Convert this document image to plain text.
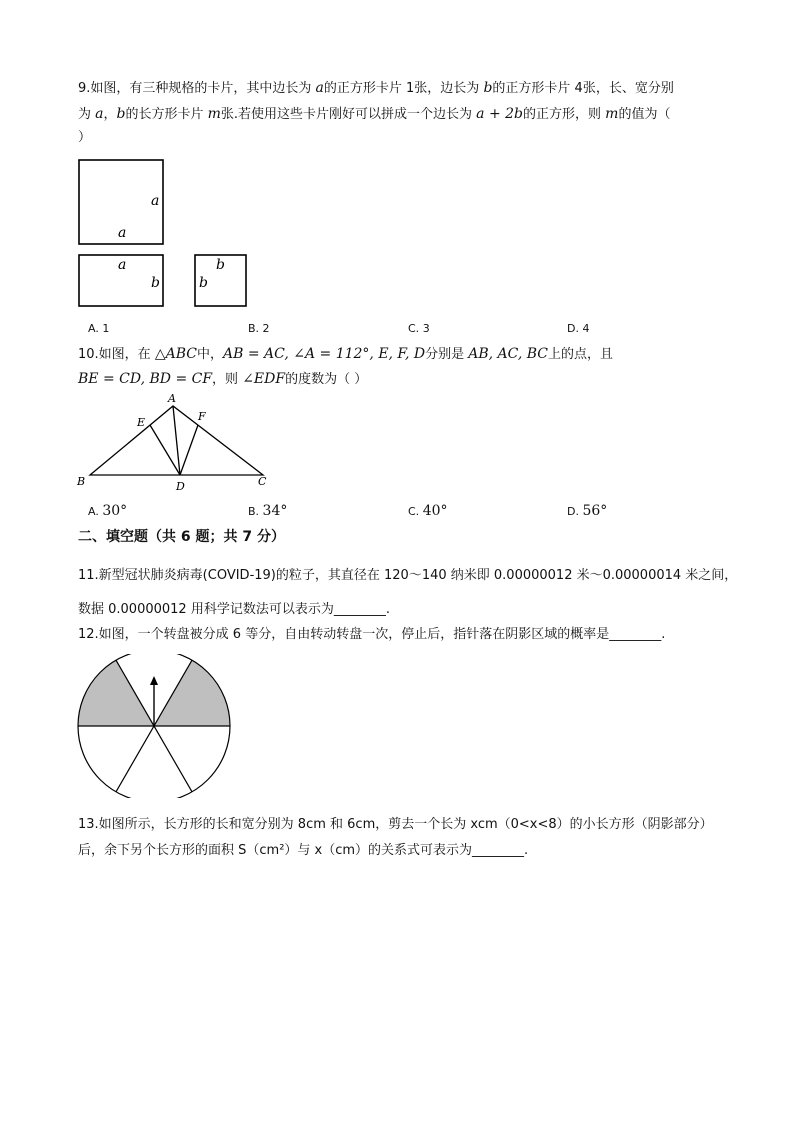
9.如图，有三种规格的卡片，其中边长为 a的正方形卡片 1张，边长为 b的正方形卡片 4张，长、宽分别
为 a，b的长方形卡片 m张.若使用这些卡片刚好可以拼成一个边长为 a + 2b的正方形，则 m的值为（
）
a
a
a
b
b
b
A. 1	B. 2	C. 3	D. 4
10.如图，在 △ABC中，AB = AC, ∠A = 112°, E, F, D分别是 AB, AC, BC上的点，且
BE = CD, BD = CF，则 ∠EDF的度数为（ ）
A
B	C
D
E	F
A. 30°	B. 34°	C. 40°	D. 56°
二、填空题（共 6 题；共 7 分）
11.新型冠状肺炎病毒(COVID-19)的粒子，其直径在 120～140 纳米即 0.00000012 米～0.00000014 米之间，
数据 0.00000012 用科学记数法可以表示为________.
12.如图，一个转盘被分成 6 等分，自由转动转盘一次，停止后，指针落在阴影区域的概率是________.
13.如图所示，长方形的长和宽分别为 8cm 和 6cm，剪去一个长为 xcm（0<x<8）的小长方形（阴影部分）
后，余下另个长方形的面积 S（cm²）与 x（cm）的关系式可表示为________.
